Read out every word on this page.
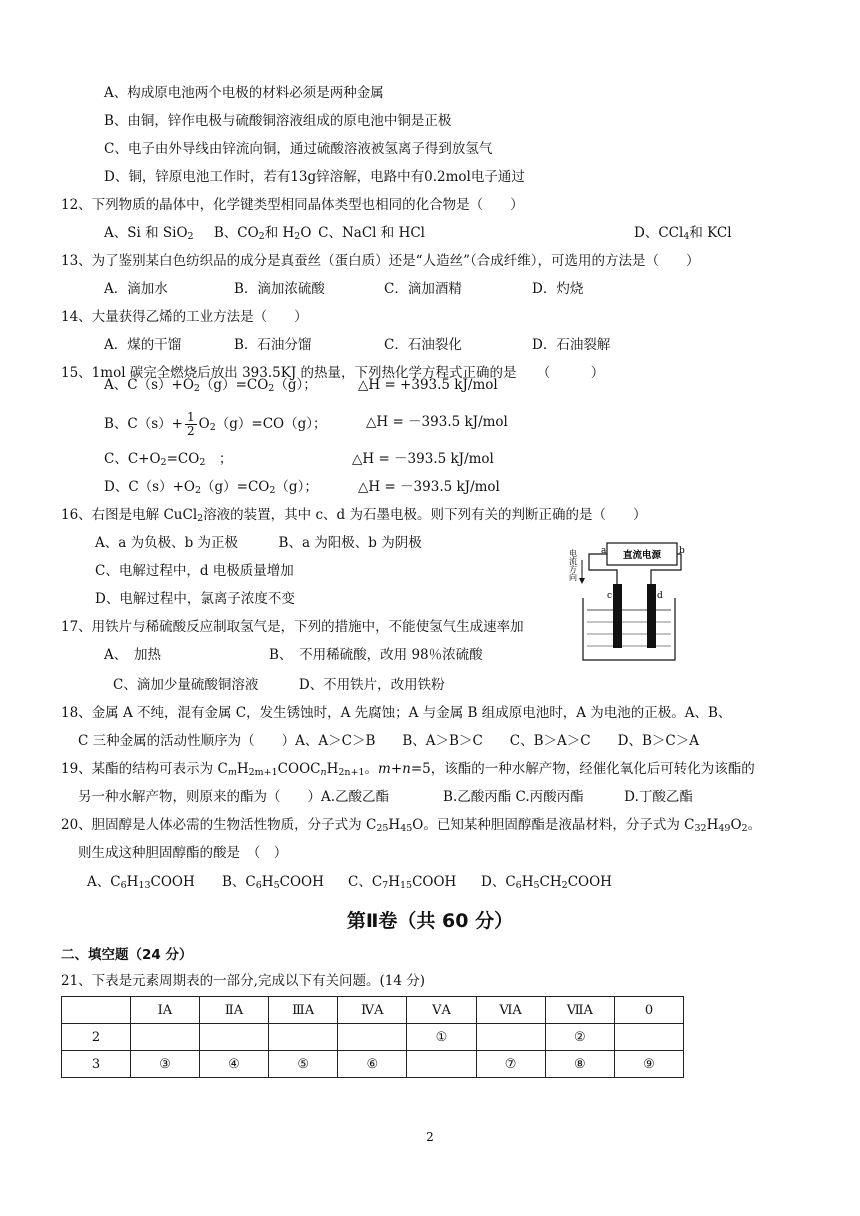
A、构成原电池两个电极的材料必须是两种金属
B、由铜，锌作电极与硫酸铜溶液组成的原电池中铜是正极
C、电子由外导线由锌流向铜，通过硫酸溶液被氢离子得到放氢气
D、铜，锌原电池工作时，若有13g锌溶解，电路中有0.2mol电子通过
12、下列物质的晶体中，化学键类型相同晶体类型也相同的化合物是（　　）
A、Si 和 SiO$_2$   B、$CO_2$和 $H_2O$  C、NaCl 和 HCl	D、CCl$_4$和 KCl
13、为了鉴别某白色纺织品的成分是真蚕丝（蛋白质）还是“人造丝”（合成纤维），可选用的方法是（　　）
A．滴加水	B．滴加浓硫酸	C．滴加酒精	D．灼烧
14、大量获得乙烯的工业方法是（　　）
A．煤的干馏	B．石油分馏	C．石油裂化	D．石油裂解
15、1mol 碳完全燃烧后放出 393.5KJ 的热量，下列热化学方程式正确的是　　（　　　）
A、$C(s)+O_2(g)=CO_2(g)$；	△H = +393.5 kJ/mol
B、$C(s)+ \frac{1}{2} O_2(g)=CO(g)$；	△H = －393.5 kJ/mol
C、$C+O_2=CO_2$　；	△H = －393.5 kJ/mol
D、$C(s)+O_2(g)=CO_2(g)$；	△H = －393.5 kJ/mol
16、右图是电解 CuCl$_2$溶液的装置，其中 c、d 为石墨电极。则下列有关的判断正确的是（　　）
A、a 为负极、b 为正极　　　B、a 为阳极、b 为阴极
C、电解过程中，d 电极质量增加
D、电解过程中，氯离子浓度不变
电流方向	直流电源
a	b
c	d
17、用铁片与稀硫酸反应制取氢气是，下列的措施中，不能使氢气生成速率加
A、　加热　　　　　　　　B、　不用稀硫酸，改用 98％浓硫酸
C、滴加少量硫酸铜溶液　　　D、不用铁片，改用铁粉
18、金属 A 不纯，混有金属 C，发生锈蚀时，A 先腐蚀；A 与金属 B 组成原电池时，A 为电池的正极。A、B、
C 三种金属的活动性顺序为（　　）A、A＞C＞B　　B、A＞B＞C　　C、B＞A＞C　　D、B＞C＞A
19、某酯的结构可表示为 $C_mH_{2m+1}COOC_nH_{2n+1}$。m+n=5，该酯的一种水解产物，经催化氧化后可转化为该酯的
另一种水解产物，则原来的酯为（　　）A.乙酸乙酯　　　　B.乙酸丙酯 C.丙酸丙酯　　　D.丁酸乙酯
20、胆固醇是人体必需的生物活性物质，分子式为 $C_{25}H_{45}O$。已知某种胆固醇酯是液晶材料，分子式为 $C_{32}H_{49}O_2$。
则生成这种胆固醇酯的酸是　（　）
A、$C_6H_{13}COOH$ B、$C_6H_5COOH$ C、$C_7H_{15}COOH$ D、$C_6H_5CH_2COOH$
第Ⅱ卷（共 60 分）
二、填空题（24 分）
21、下表是元素周期表的一部分,完成以下有关问题。(14 分)
	ⅠA	ⅡA	ⅢA	ⅣA	ⅤA	ⅥA	ⅦA	0
2					①		②	
3	③	④	⑤	⑥		⑦	⑧	⑨
2
